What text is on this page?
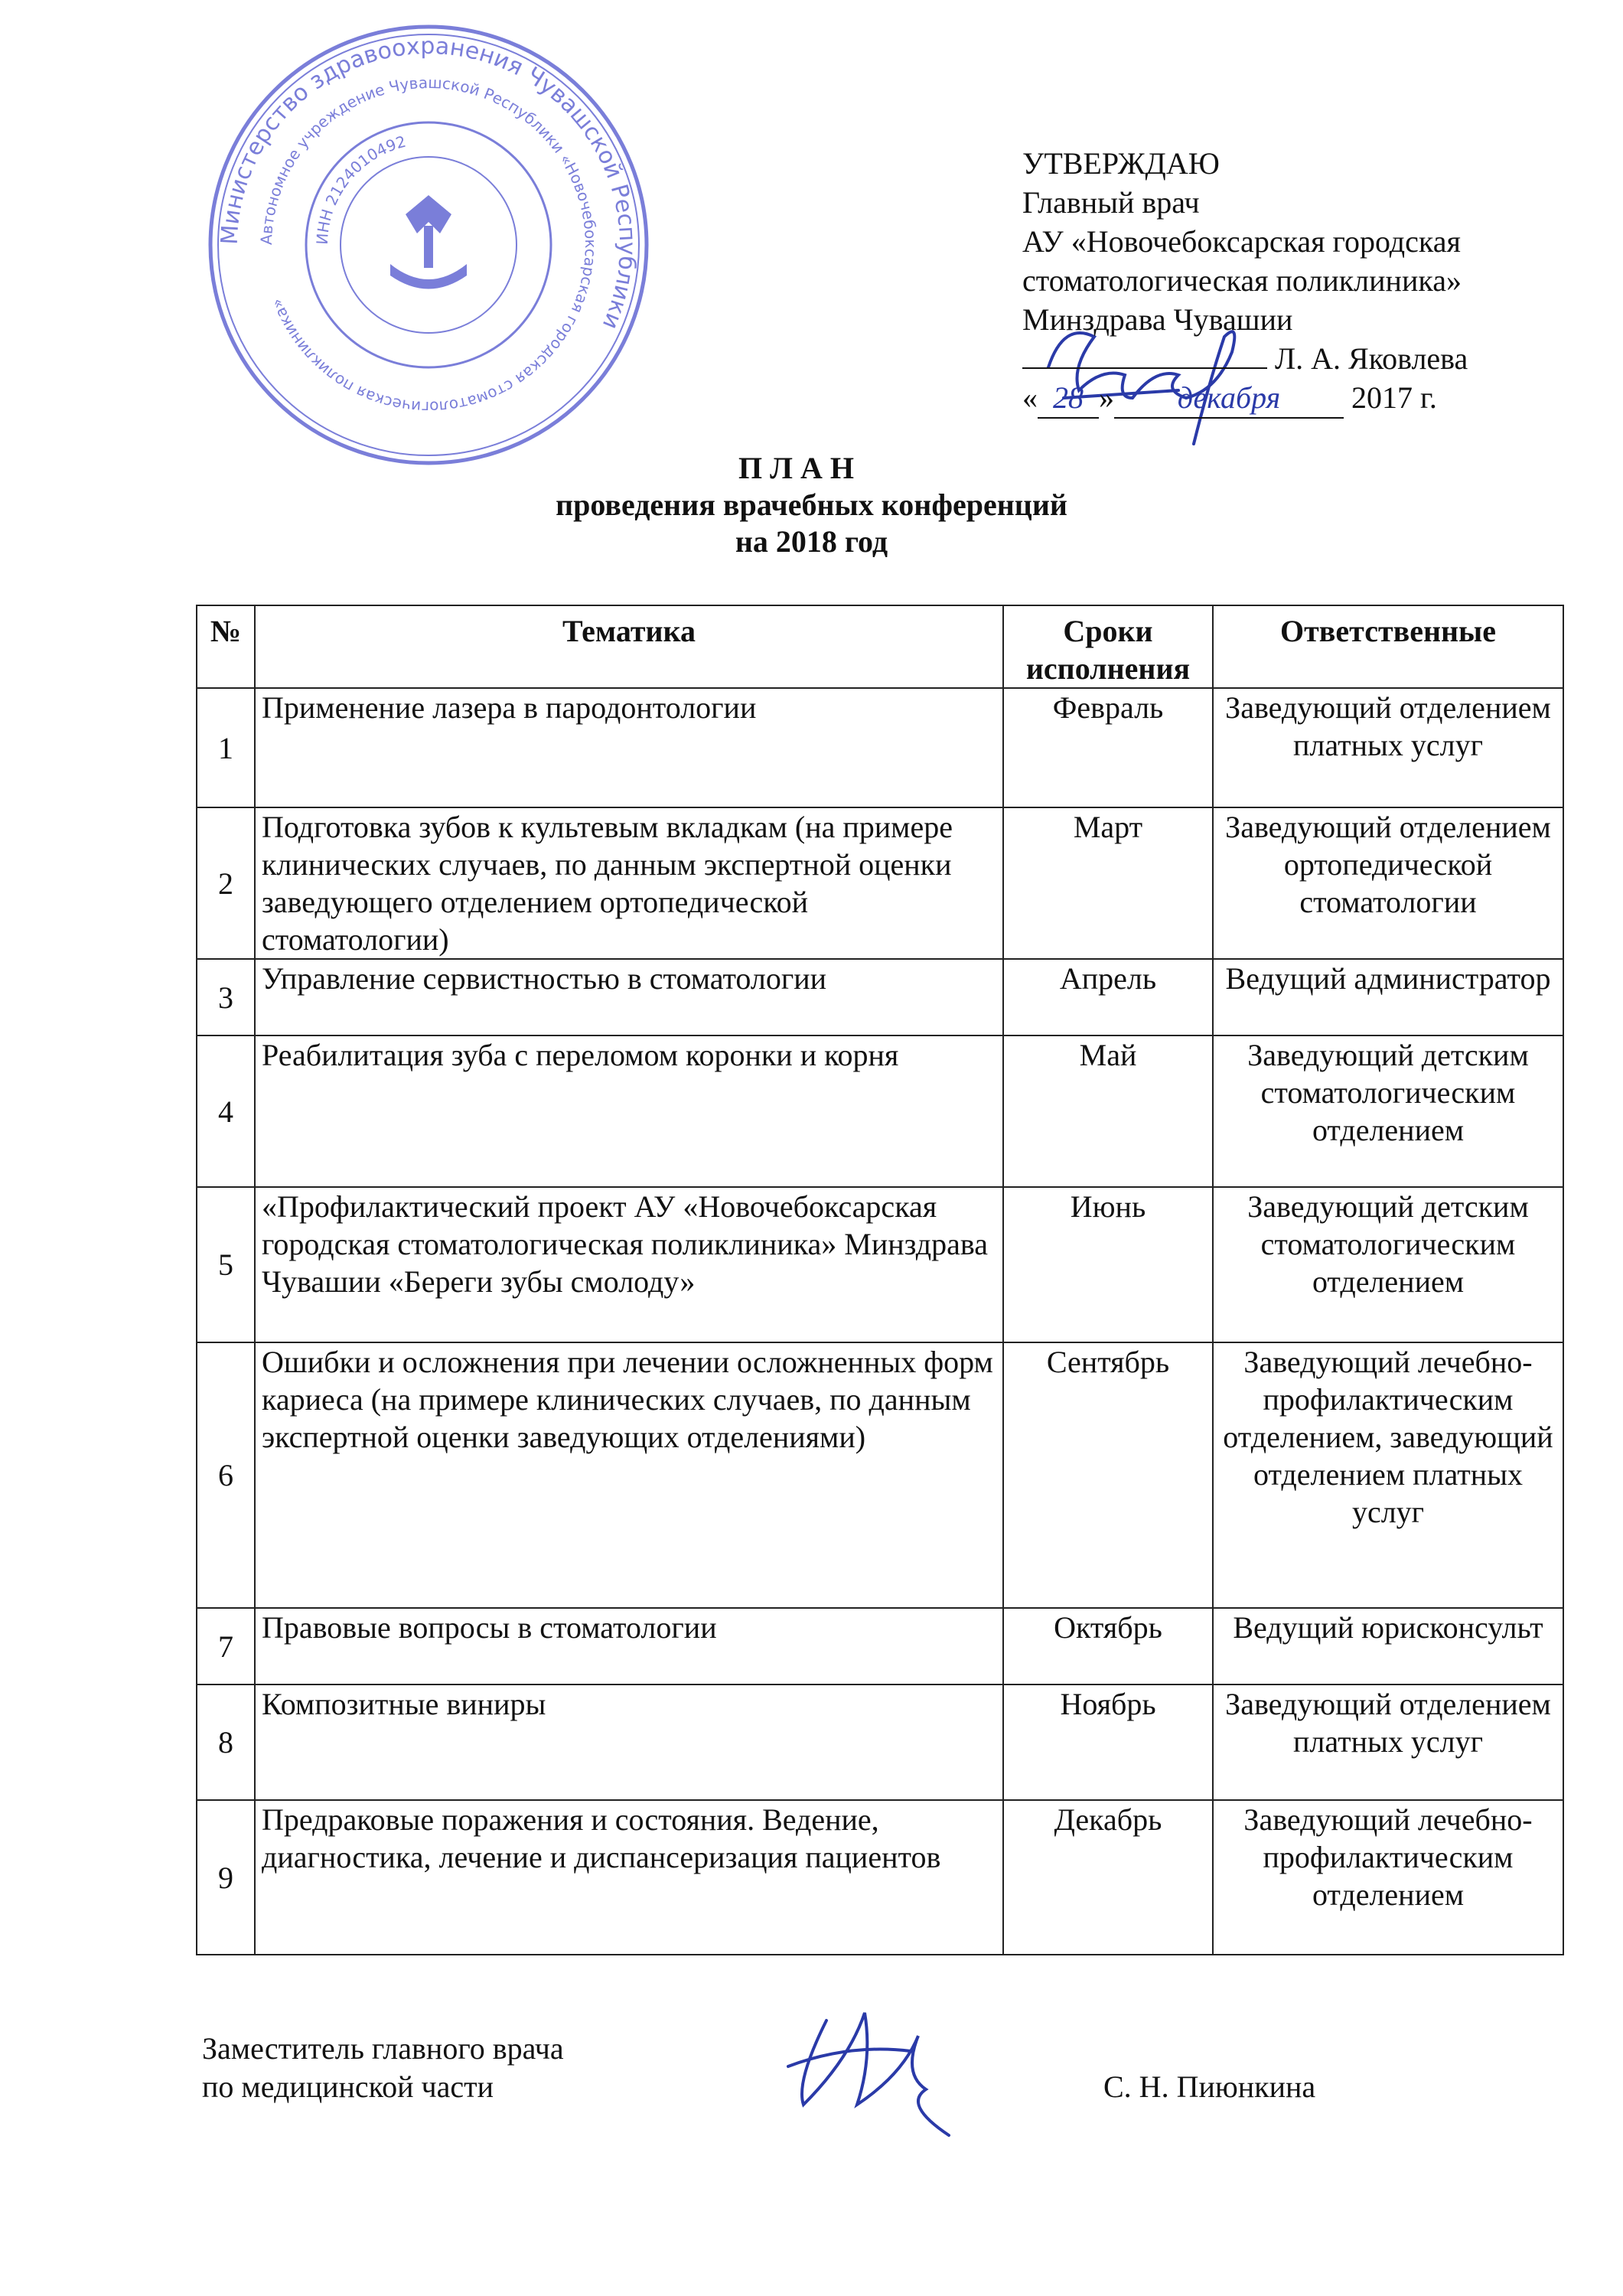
Министерство здравоохранения Чувашской Республики
Автономное учреждение Чувашской Республики «Новочебоксарская городская стоматологическая поликлиника»
ИНН 2124010492
УТВЕРЖДАЮ
Главный врач
АУ «Новочебоксарская городская
стоматологическая поликлиника»
Минздрава Чувашии
Л. А. Яковлева
« 28 » декабря 2017 г.
П Л А Н
проведения врачебных конференций
на 2018 год
№	Тематика	Сроки исполнения	Ответственные
1	Применение лазера в пародонтологии	Февраль	Заведующий отделением платных услуг
2	Подготовка зубов к культевым вкладкам (на примере клинических случаев, по данным экспертной оценки заведующего отделением ортопедической стоматологии)	Март	Заведующий отделением ортопедической стоматологии
3	Управление сервистностью в стоматологии	Апрель	Ведущий администратор
4	Реабилитация зуба с переломом коронки и корня	Май	Заведующий детским стоматологическим отделением
5	«Профилактический проект АУ «Новочебоксарская городская стоматологическая поликлиника» Минздрава Чувашии «Береги зубы смолоду»	Июнь	Заведующий детским стоматологическим отделением
6	Ошибки и осложнения при лечении осложненных форм кариеса (на примере клинических случаев, по данным экспертной оценки заведующих отделениями)	Сентябрь	Заведующий лечебно-профилактическим отделением, заведующий отделением платных услуг
7	Правовые вопросы в стоматологии	Октябрь	Ведущий юрисконсульт
8	Композитные виниры	Ноябрь	Заведующий отделением платных услуг
9	Предраковые поражения и состояния. Ведение, диагностика, лечение и диспансеризация пациентов	Декабрь	Заведующий лечебно-профилактическим отделением
Заместитель главного врача
по медицинской части	С. Н. Пиюнкина
